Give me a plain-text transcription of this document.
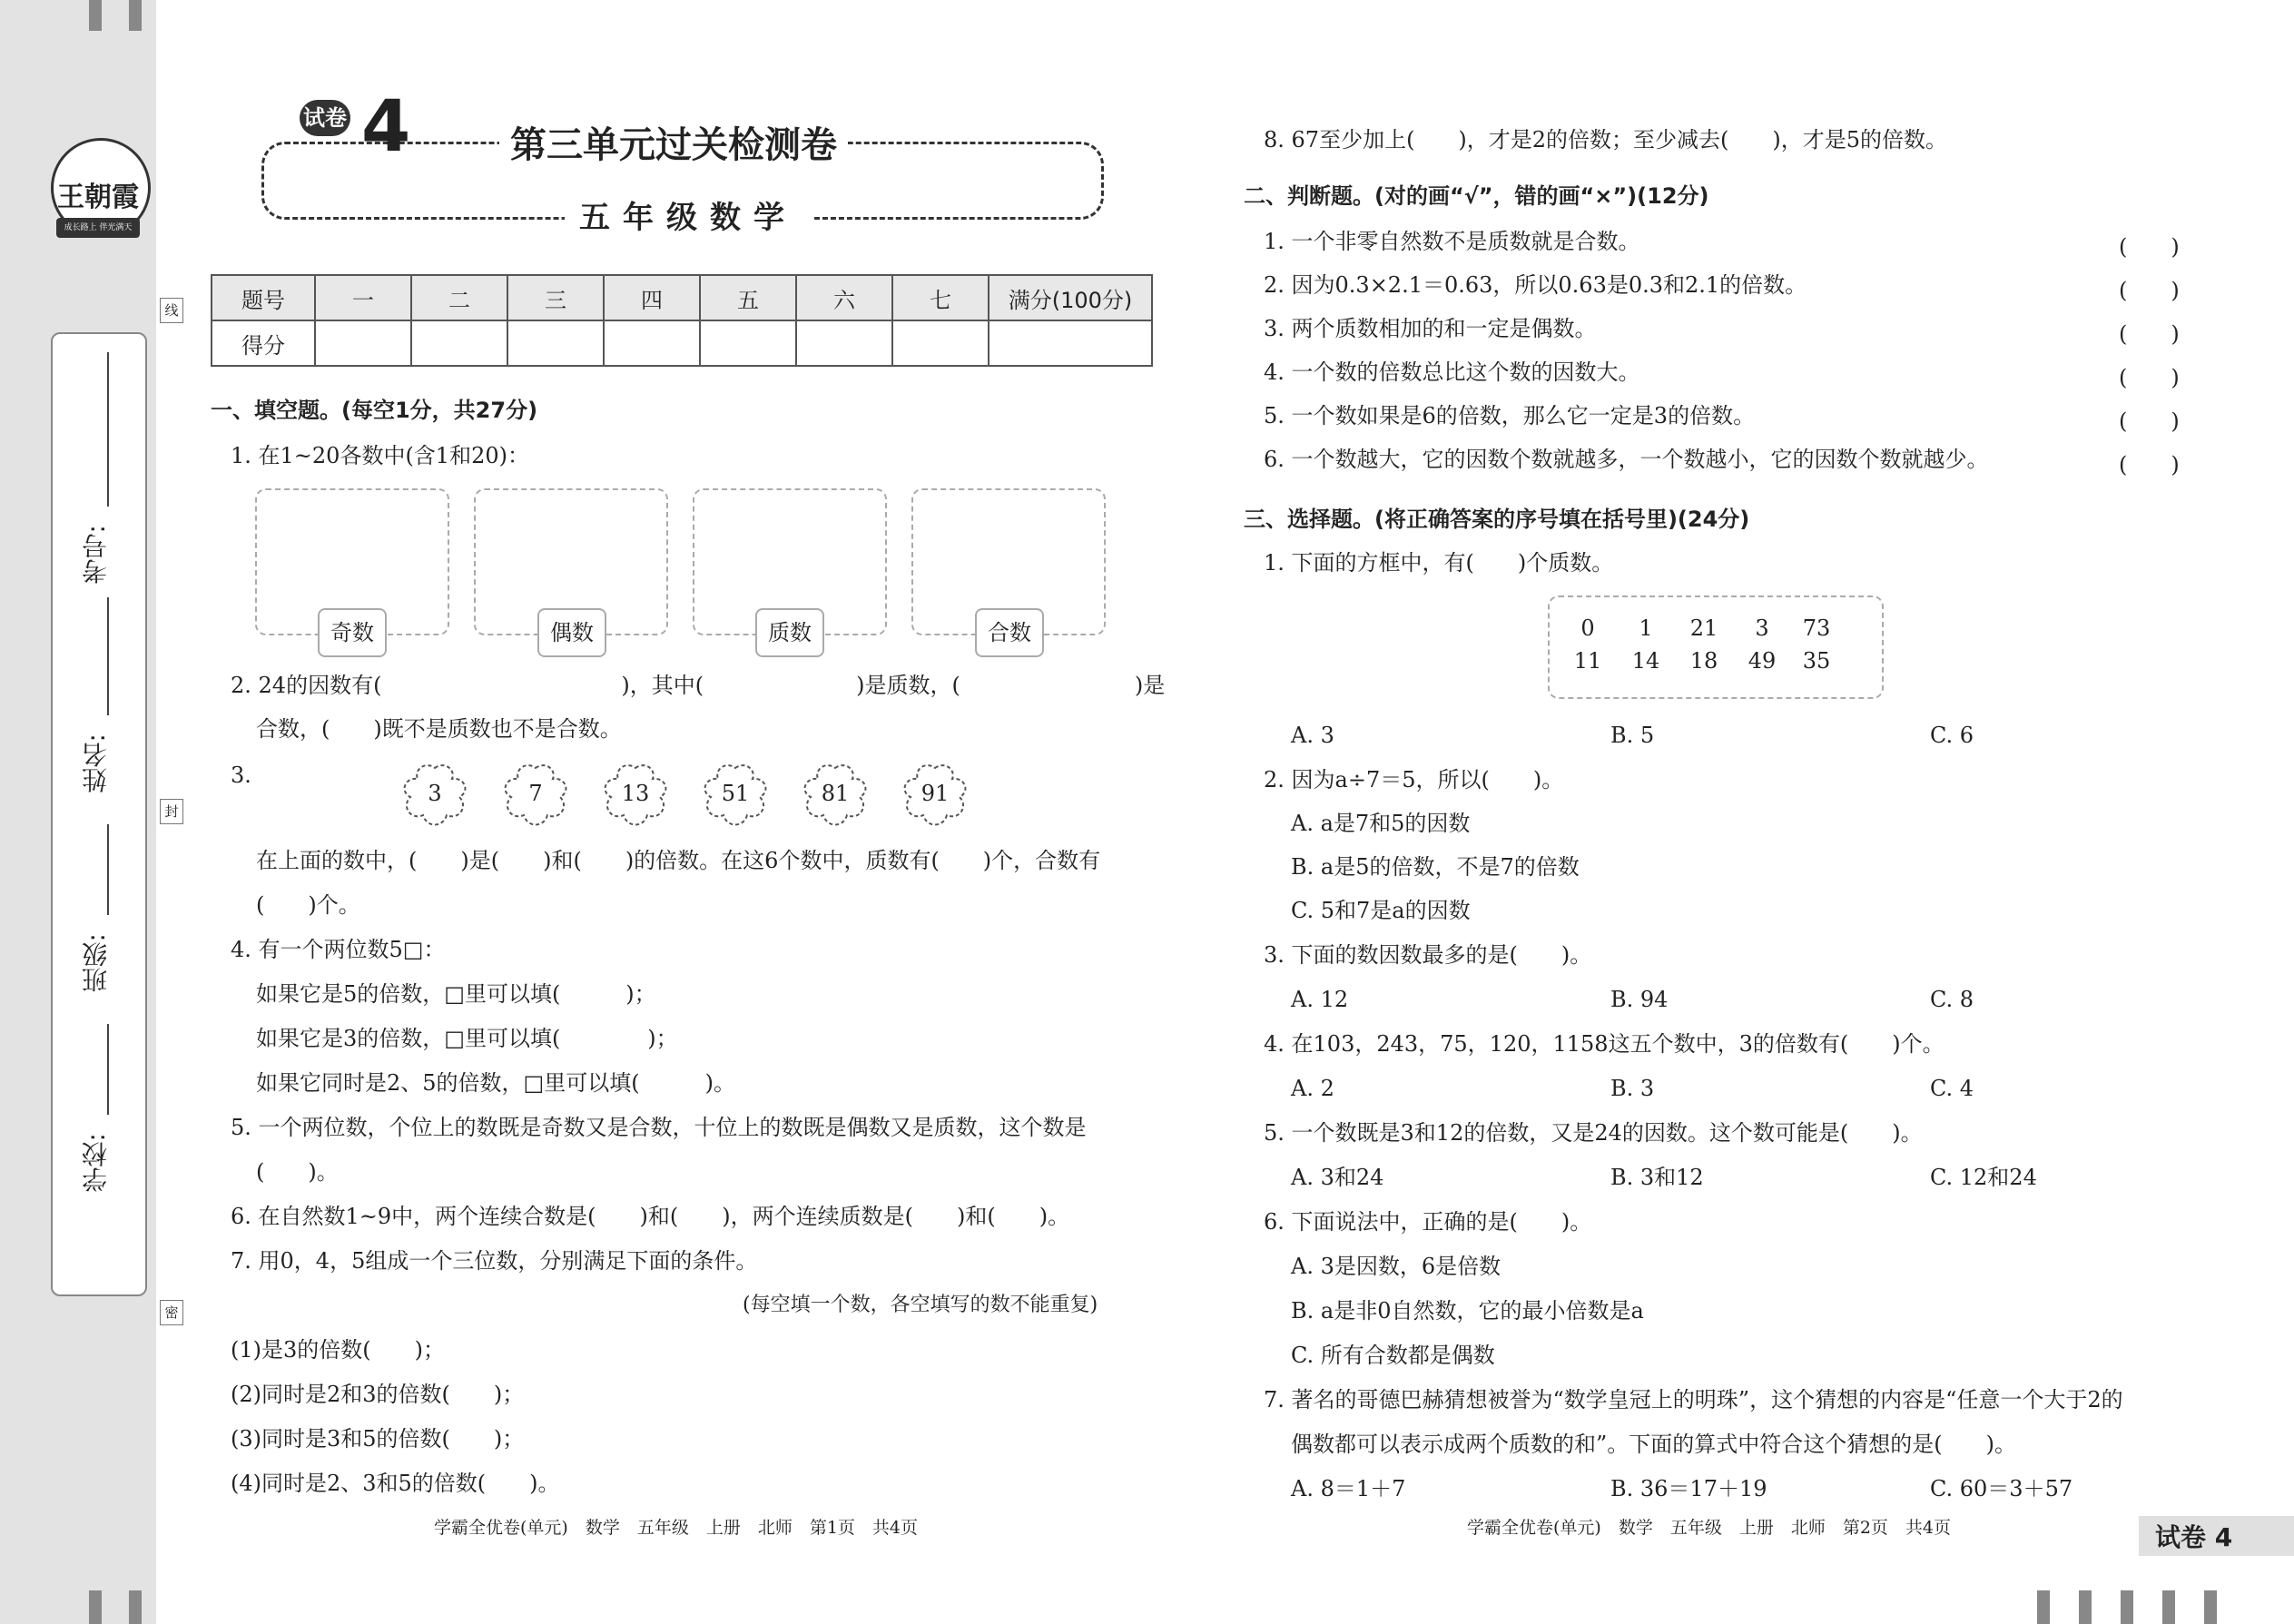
王朝霞
成长路上 伴光满天
考号:
姓名:
班级:
学校:
线
封
密
试卷 4	第三单元过关检测卷
五年级数学
题号	一	二	三	四	五	六	七	满分(100分)
得分								
一、填空题。(每空1分，共27分)
1. 在1~20各数中(含1和20)：
奇数	偶数	质数	合数
2. 24的因数有(　　　　　　　　　　　)，其中(　　　　　　　)是质数，(　　　　　　　　)是
合数，(　　)既不是质数也不是合数。
3.
3	7	13	51	81	91
在上面的数中，(　　)是(　　)和(　　)的倍数。在这6个数中，质数有(　　)个，合数有
(　　)个。
4. 有一个两位数5□：
如果它是5的倍数，□里可以填(　　　)；
如果它是3的倍数，□里可以填(　　　　)；
如果它同时是2、5的倍数，□里可以填(　　　)。
5. 一个两位数，个位上的数既是奇数又是合数，十位上的数既是偶数又是质数，这个数是
(　　)。
6. 在自然数1~9中，两个连续合数是(　　)和(　　)，两个连续质数是(　　)和(　　)。
7. 用0，4，5组成一个三位数，分别满足下面的条件。
(每空填一个数，各空填写的数不能重复)
(1)是3的倍数(　　)；
(2)同时是2和3的倍数(　　)；
(3)同时是3和5的倍数(　　)；
(4)同时是2、3和5的倍数(　　)。
学霸全优卷(单元)　数学　五年级　上册　北师　第1页　共4页
8. 67至少加上(　　)，才是2的倍数；至少减去(　　)，才是5的倍数。
二、判断题。(对的画“√”，错的画“×”)(12分)
1. 一个非零自然数不是质数就是合数。	(　　)
2. 因为0.3×2.1＝0.63，所以0.63是0.3和2.1的倍数。	(　　)
3. 两个质数相加的和一定是偶数。	(　　)
4. 一个数的倍数总比这个数的因数大。	(　　)
5. 一个数如果是6的倍数，那么它一定是3的倍数。	(　　)
6. 一个数越大，它的因数个数就越多，一个数越小，它的因数个数就越少。	(　　)
三、选择题。(将正确答案的序号填在括号里)(24分)
1. 下面的方框中，有(　　)个质数。
0	1	21	3	73
11	14	18	49	35
A. 3	B. 5	C. 6
2. 因为a÷7＝5，所以(　　)。
A. a是7和5的因数
B. a是5的倍数，不是7的倍数
C. 5和7是a的因数
3. 下面的数因数最多的是(　　)。
A. 12	B. 94	C. 8
4. 在103，243，75，120，1158这五个数中，3的倍数有(　　)个。
A. 2	B. 3	C. 4
5. 一个数既是3和12的倍数，又是24的因数。这个数可能是(　　)。
A. 3和24	B. 3和12	C. 12和24
6. 下面说法中，正确的是(　　)。
A. 3是因数，6是倍数
B. a是非0自然数，它的最小倍数是a
C. 所有合数都是偶数
7. 著名的哥德巴赫猜想被誉为“数学皇冠上的明珠”，这个猜想的内容是“任意一个大于2的
偶数都可以表示成两个质数的和”。下面的算式中符合这个猜想的是(　　)。
A. 8＝1＋7	B. 36＝17＋19	C. 60＝3＋57
学霸全优卷(单元)　数学　五年级　上册　北师　第2页　共4页	试卷 4
